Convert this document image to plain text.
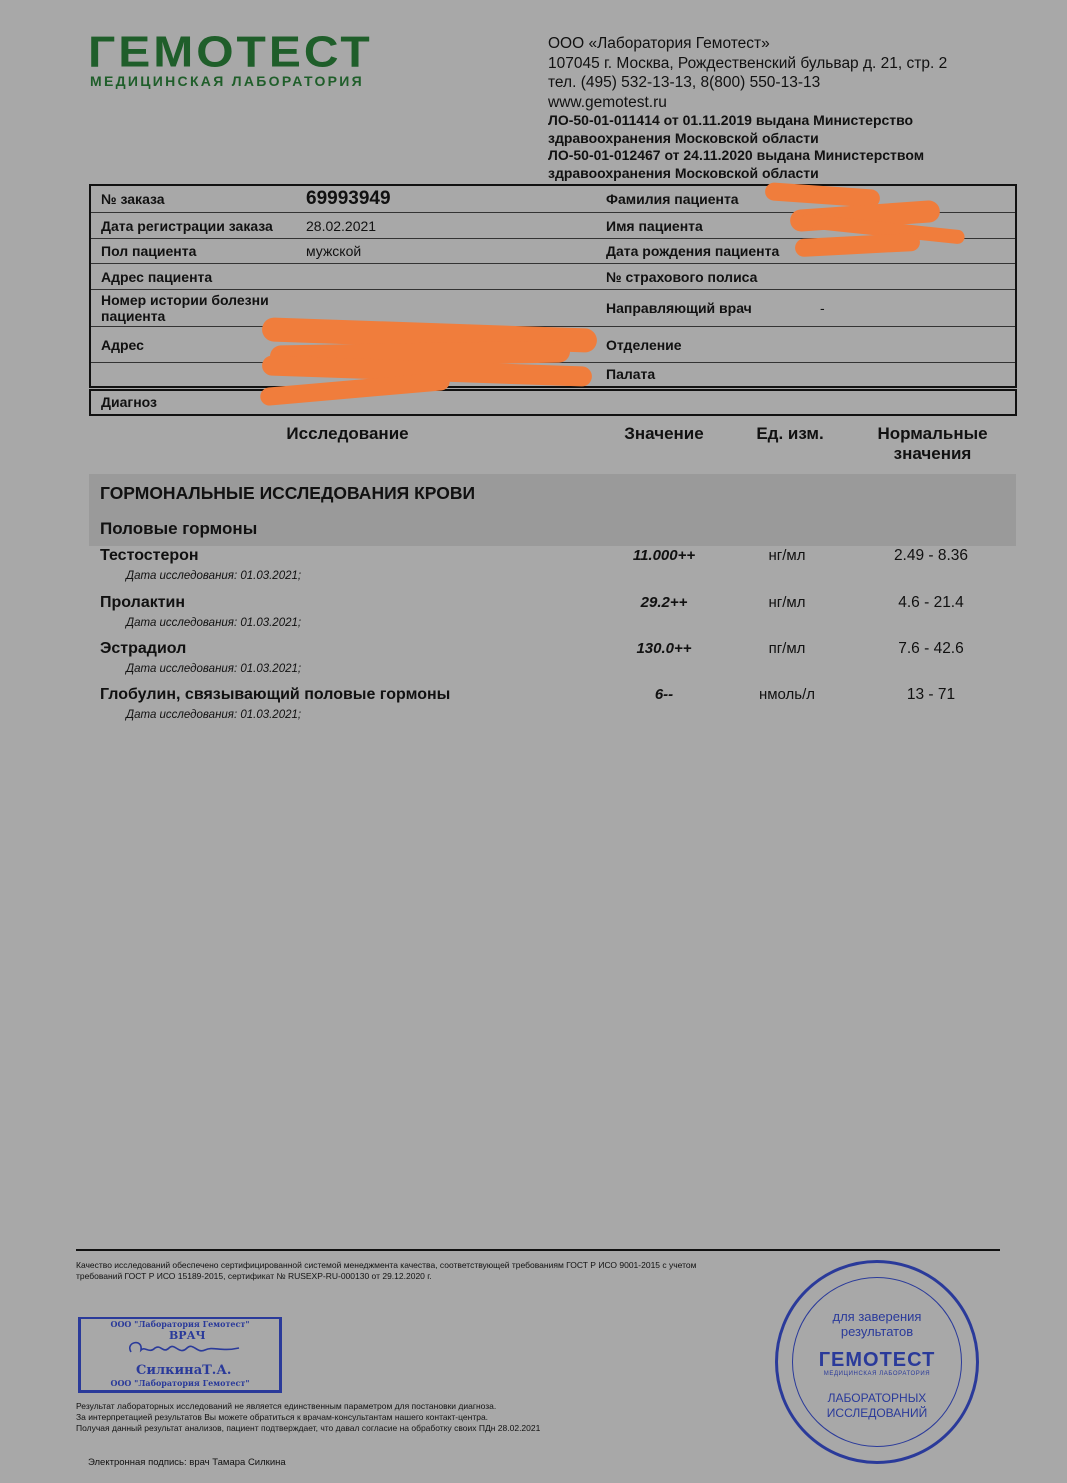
ГЕМОТЕСТ
МЕДИЦИНСКАЯ ЛАБОРАТОРИЯ
ООО «Лаборатория Гемотест»
107045 г. Москва, Рождественский бульвар д. 21, стр. 2
тел. (495) 532-13-13, 8(800) 550-13-13
www.gemotest.ru
ЛО-50-01-011414 от 01.11.2019 выдана Министерство
здравоохранения Московской области
ЛО-50-01-012467 от 24.11.2020 выдана Министерством
здравоохранения Московской области
№ заказа	69993949	Фамилия пациента	
Дата регистрации заказа	28.02.2021	Имя пациента	
Пол пациента	мужской	Дата рождения пациента	
Адрес пациента		№ страхового полиса	
Номер истории болезни пациента		Направляющий врач	-
Адрес		Отделение	
		Палата	
Диагноз
Исследование	Значение	Ед. изм.	Нормальные
значения
ГОРМОНАЛЬНЫЕ ИССЛЕДОВАНИЯ КРОВИ
Половые гормоны
Тестостерон	11.000++	нг/мл	2.49 - 8.36
Дата исследования: 01.03.2021;
Пролактин	29.2++	нг/мл	4.6 - 21.4
Дата исследования: 01.03.2021;
Эстрадиол	130.0++	пг/мл	7.6 - 42.6
Дата исследования: 01.03.2021;
Глобулин, связывающий половые гормоны	6--	нмоль/л	13 - 71
Дата исследования: 01.03.2021;
Качество исследований обеспечено сертифицированной системой менеджмента качества, соответствующей требованиям ГОСТ Р ИСО 9001-2015 с учетом
требований ГОСТ Р ИСО 15189-2015, сертификат № RUSEXP-RU-000130 от 29.12.2020 г.
ООО "Лаборатория Гемотест"
ВРАЧ
СилкинаТ.А.
ООО "Лаборатория Гемотест"
Результат лабораторных исследований не является единственным параметром для постановки диагноза.
За интерпретацией результатов Вы можете обратиться к врачам-консультантам нашего контакт-центра.
Получая данный результат анализов, пациент подтверждает, что давал согласие на обработку своих ПДн 28.02.2021
Электронная подпись: врач Тамара Силкина
для заверения
результатов
ГЕМОТЕСТ
МЕДИЦИНСКАЯ ЛАБОРАТОРИЯ
ЛАБОРАТОРНЫХ
ИССЛЕДОВАНИЙ
